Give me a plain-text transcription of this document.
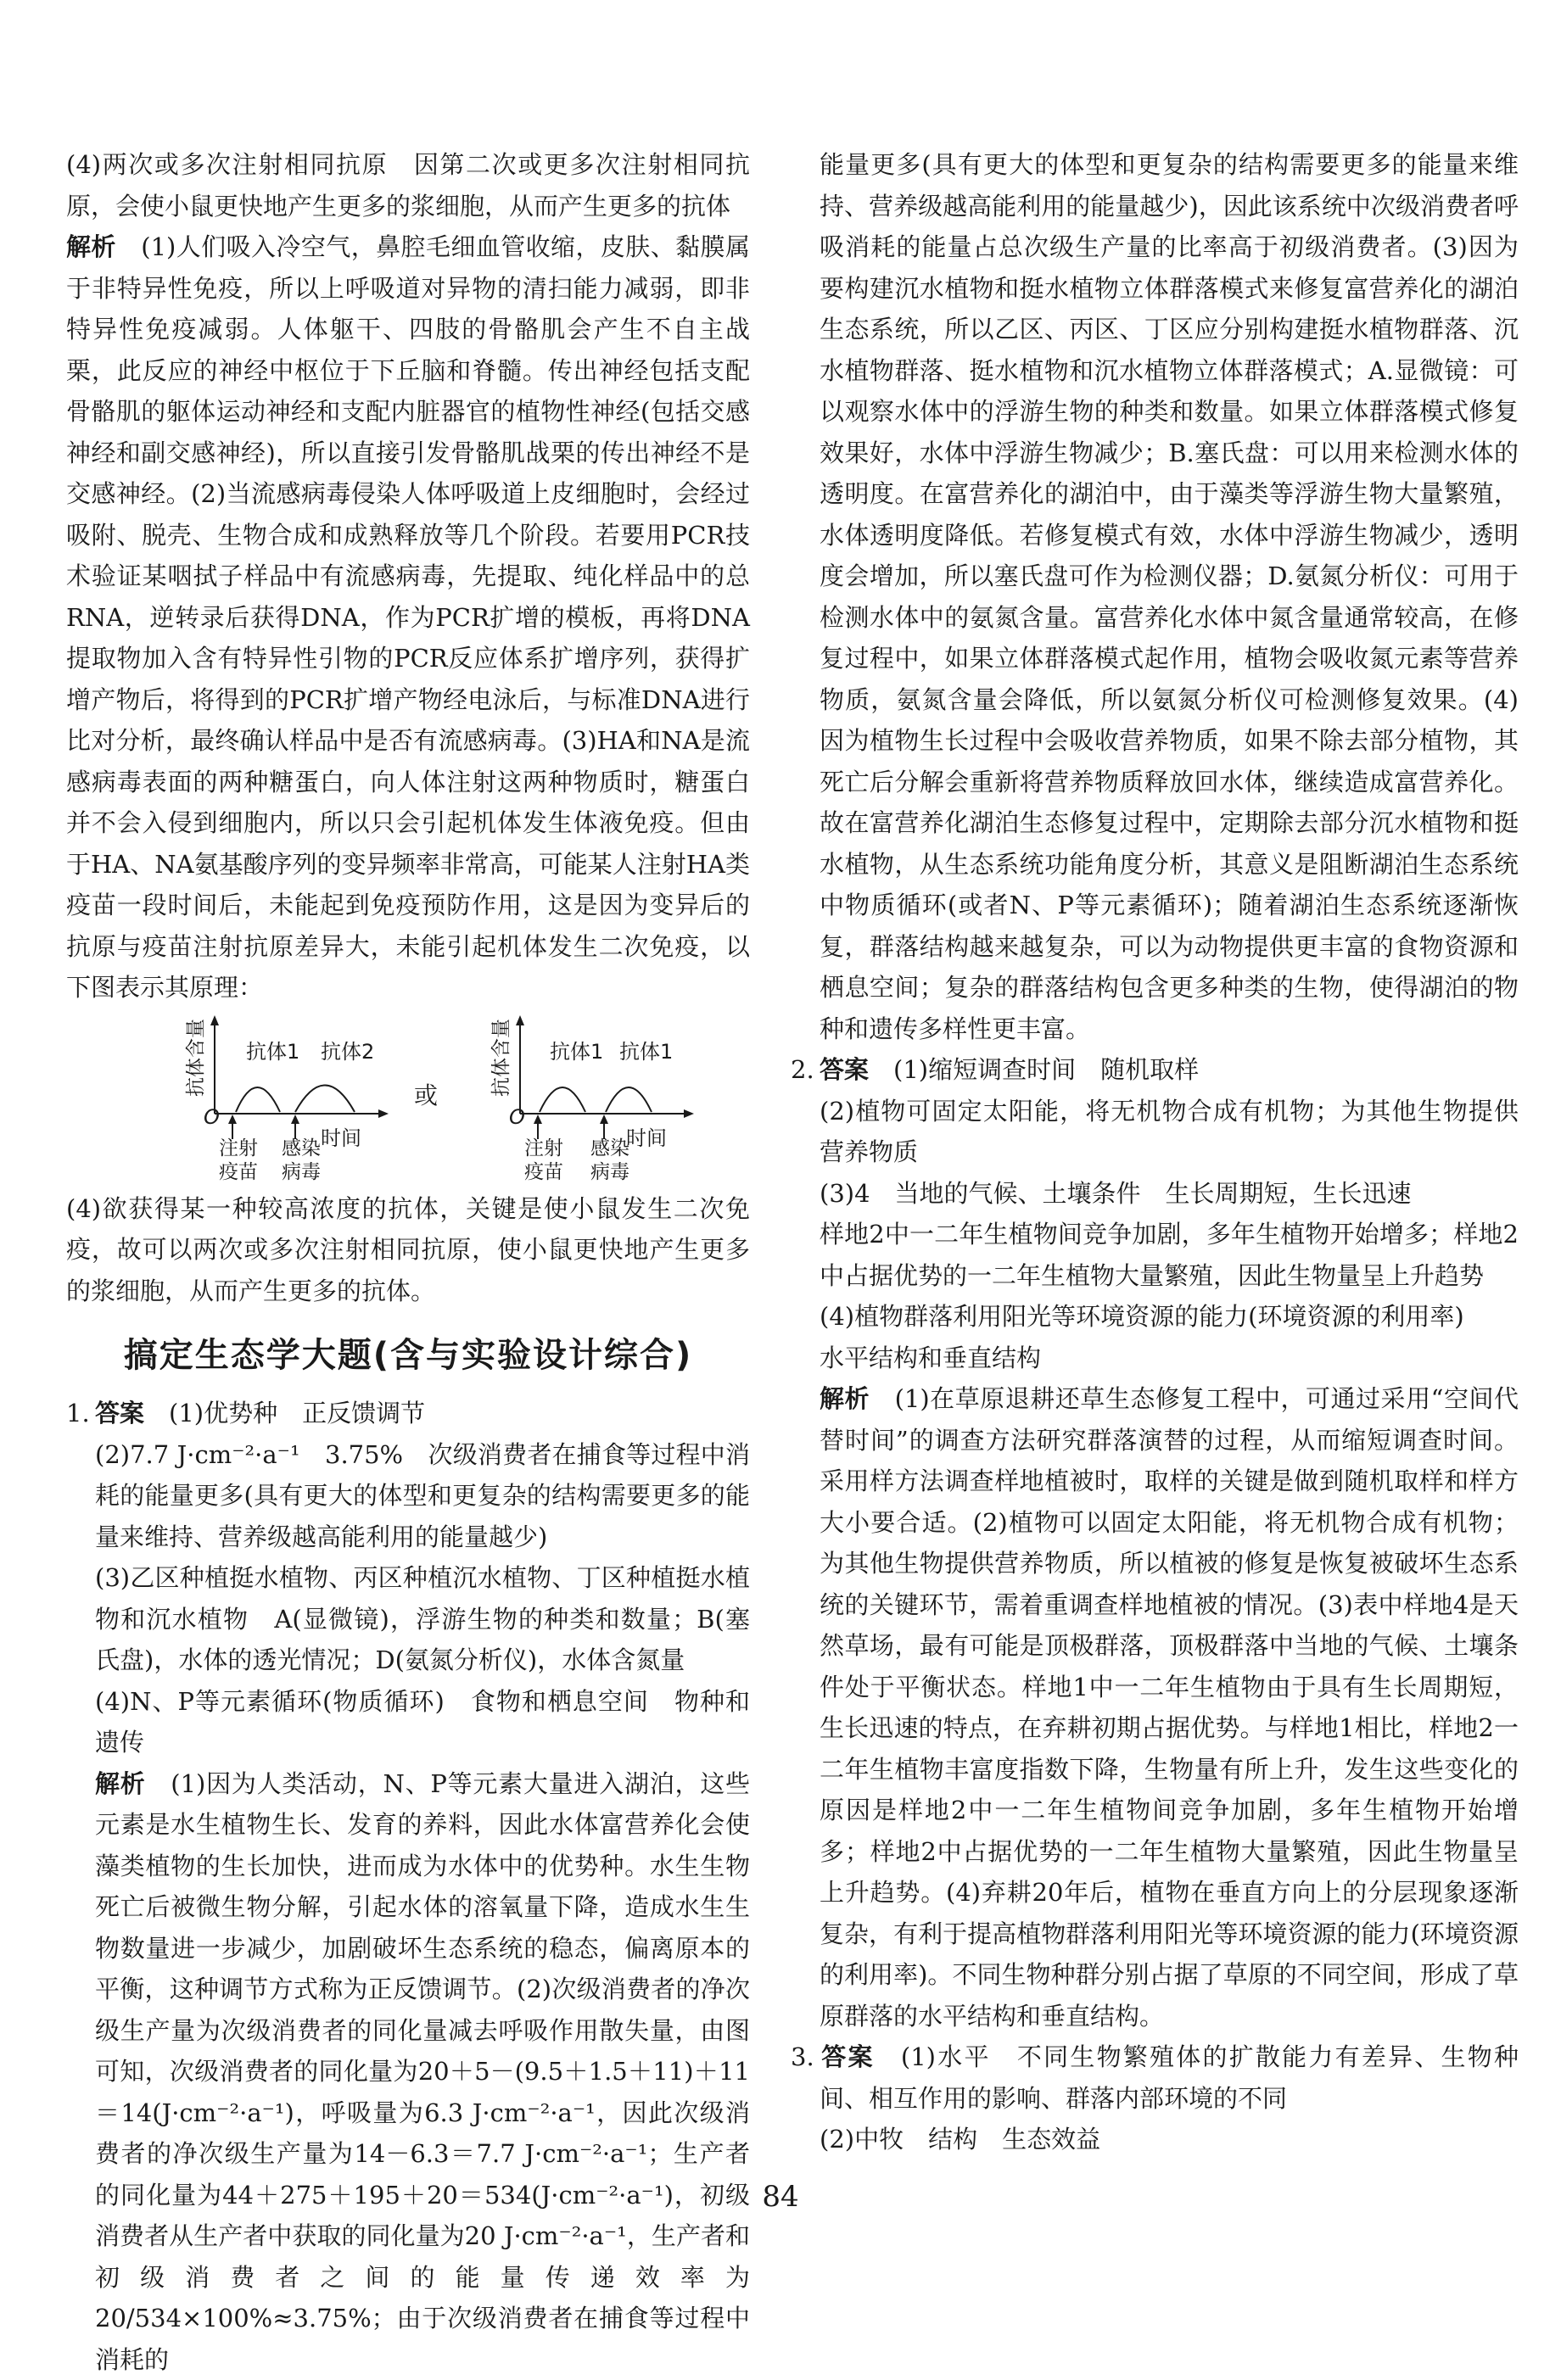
(4)两次或多次注射相同抗原　因第二次或更多次注射相同抗原，会使小鼠更快地产生更多的浆细胞，从而产生更多的抗体

解析　 (1)人们吸入冷空气，鼻腔毛细血管收缩，皮肤、黏膜属于非特异性免疫，所以上呼吸道对异物的清扫能力减弱，即非特异性免疫减弱。人体躯干、四肢的骨骼肌会产生不自主战栗，此反应的神经中枢位于下丘脑和脊髓。传出神经包括支配骨骼肌的躯体运动神经和支配内脏器官的植物性神经(包括交感神经和副交感神经)，所以直接引发骨骼肌战栗的传出神经不是交感神经。(2)当流感病毒侵染人体呼吸道上皮细胞时，会经过吸附、脱壳、生物合成和成熟释放等几个阶段。若要用PCR技术验证某咽拭子样品中有流感病毒，先提取、纯化样品中的总RNA，逆转录后获得DNA，作为PCR扩增的模板，再将DNA提取物加入含有特异性引物的PCR反应体系扩增序列，获得扩增产物后，将得到的PCR扩增产物经电泳后，与标准DNA进行比对分析，最终确认样品中是否有流感病毒。(3)HA和NA是流感病毒表面的两种糖蛋白，向人体注射这两种物质时，糖蛋白并不会入侵到细胞内，所以只会引起机体发生体液免疫。但由于HA、NA氨基酸序列的变异频率非常高，可能某人注射HA类疫苗一段时间后，未能起到免疫预防作用，这是因为变异后的抗原与疫苗注射抗原差异大，未能引起机体发生二次免疫，以下图表示其原理：

O
时间
抗体1 抗体2
注射
疫苗
感染
病毒
抗体含量	或
O
时间
抗体1 抗体1
注射
疫苗
感染
病毒
抗体含量

(4)欲获得某一种较高浓度的抗体，关键是使小鼠发生二次免疫，故可以两次或多次注射相同抗原，使小鼠更快地产生更多的浆细胞，从而产生更多的抗体。

搞定生态学大题(含与实验设计综合)

1. 答案　 (1)优势种　正反馈调节

(2)7.7 J·cm⁻²·a⁻¹　3.75%　次级消费者在捕食等过程中消耗的能量更多(具有更大的体型和更复杂的结构需要更多的能量来维持、营养级越高能利用的能量越少)

(3)乙区种植挺水植物、丙区种植沉水植物、丁区种植挺水植物和沉水植物　A(显微镜)，浮游生物的种类和数量；B(塞氏盘)，水体的透光情况；D(氨氮分析仪)，水体含氮量

(4)N、P等元素循环(物质循环)　食物和栖息空间　物种和遗传

解析　 (1)因为人类活动，N、P等元素大量进入湖泊，这些元素是水生植物生长、发育的养料，因此水体富营养化会使藻类植物的生长加快，进而成为水体中的优势种。水生生物死亡后被微生物分解，引起水体的溶氧量下降，造成水生生物数量进一步减少，加剧破坏生态系统的稳态，偏离原本的平衡，这种调节方式称为正反馈调节。(2)次级消费者的净次级生产量为次级消费者的同化量减去呼吸作用散失量，由图可知，次级消费者的同化量为20＋5－(9.5＋1.5＋11)＋11＝14(J·cm⁻²·a⁻¹)，呼吸量为6.3 J·cm⁻²·a⁻¹，因此次级消费者的净次级生产量为14－6.3＝7.7 J·cm⁻²·a⁻¹；生产者的同化量为44＋275＋195＋20＝534(J·cm⁻²·a⁻¹)，初级消费者从生产者中获取的同化量为20 J·cm⁻²·a⁻¹，生产者和初级消费者之间的能量传递效率为20/534×100%≈3.75%；由于次级消费者在捕食等过程中消耗的

能量更多(具有更大的体型和更复杂的结构需要更多的能量来维持、营养级越高能利用的能量越少)，因此该系统中次级消费者呼吸消耗的能量占总次级生产量的比率高于初级消费者。(3)因为要构建沉水植物和挺水植物立体群落模式来修复富营养化的湖泊生态系统，所以乙区、丙区、丁区应分别构建挺水植物群落、沉水植物群落、挺水植物和沉水植物立体群落模式；A.显微镜：可以观察水体中的浮游生物的种类和数量。如果立体群落模式修复效果好，水体中浮游生物减少；B.塞氏盘：可以用来检测水体的透明度。在富营养化的湖泊中，由于藻类等浮游生物大量繁殖，水体透明度降低。若修复模式有效，水体中浮游生物减少，透明度会增加，所以塞氏盘可作为检测仪器；D.氨氮分析仪：可用于检测水体中的氨氮含量。富营养化水体中氮含量通常较高，在修复过程中，如果立体群落模式起作用，植物会吸收氮元素等营养物质，氨氮含量会降低，所以氨氮分析仪可检测修复效果。(4)因为植物生长过程中会吸收营养物质，如果不除去部分植物，其死亡后分解会重新将营养物质释放回水体，继续造成富营养化。故在富营养化湖泊生态修复过程中，定期除去部分沉水植物和挺水植物，从生态系统功能角度分析，其意义是阻断湖泊生态系统中物质循环(或者N、P等元素循环)；随着湖泊生态系统逐渐恢复，群落结构越来越复杂，可以为动物提供更丰富的食物资源和栖息空间；复杂的群落结构包含更多种类的生物，使得湖泊的物种和遗传多样性更丰富。

2. 答案　 (1)缩短调查时间　随机取样

(2)植物可固定太阳能，将无机物合成有机物；为其他生物提供营养物质

(3)4　当地的气候、土壤条件　生长周期短，生长迅速

样地2中一二年生植物间竞争加剧，多年生植物开始增多；样地2中占据优势的一二年生植物大量繁殖，因此生物量呈上升趋势

(4)植物群落利用阳光等环境资源的能力(环境资源的利用率)

水平结构和垂直结构

解析　 (1)在草原退耕还草生态修复工程中，可通过采用“空间代替时间”的调查方法研究群落演替的过程，从而缩短调查时间。采用样方法调查样地植被时，取样的关键是做到随机取样和样方大小要合适。(2)植物可以固定太阳能，将无机物合成有机物；为其他生物提供营养物质，所以植被的修复是恢复被破坏生态系统的关键环节，需着重调查样地植被的情况。(3)表中样地4是天然草场，最有可能是顶极群落，顶极群落中当地的气候、土壤条件处于平衡状态。样地1中一二年生植物由于具有生长周期短，生长迅速的特点，在弃耕初期占据优势。与样地1相比，样地2一二年生植物丰富度指数下降，生物量有所上升，发生这些变化的原因是样地2中一二年生植物间竞争加剧，多年生植物开始增多；样地2中占据优势的一二年生植物大量繁殖，因此生物量呈上升趋势。(4)弃耕20年后，植物在垂直方向上的分层现象逐渐复杂，有利于提高植物群落利用阳光等环境资源的能力(环境资源的利用率)。不同生物种群分别占据了草原的不同空间，形成了草原群落的水平结构和垂直结构。

3. 答案　 (1)水平　不同生物繁殖体的扩散能力有差异、生物种间、相互作用的影响、群落内部环境的不同

(2)中牧　结构　生态效益

84
